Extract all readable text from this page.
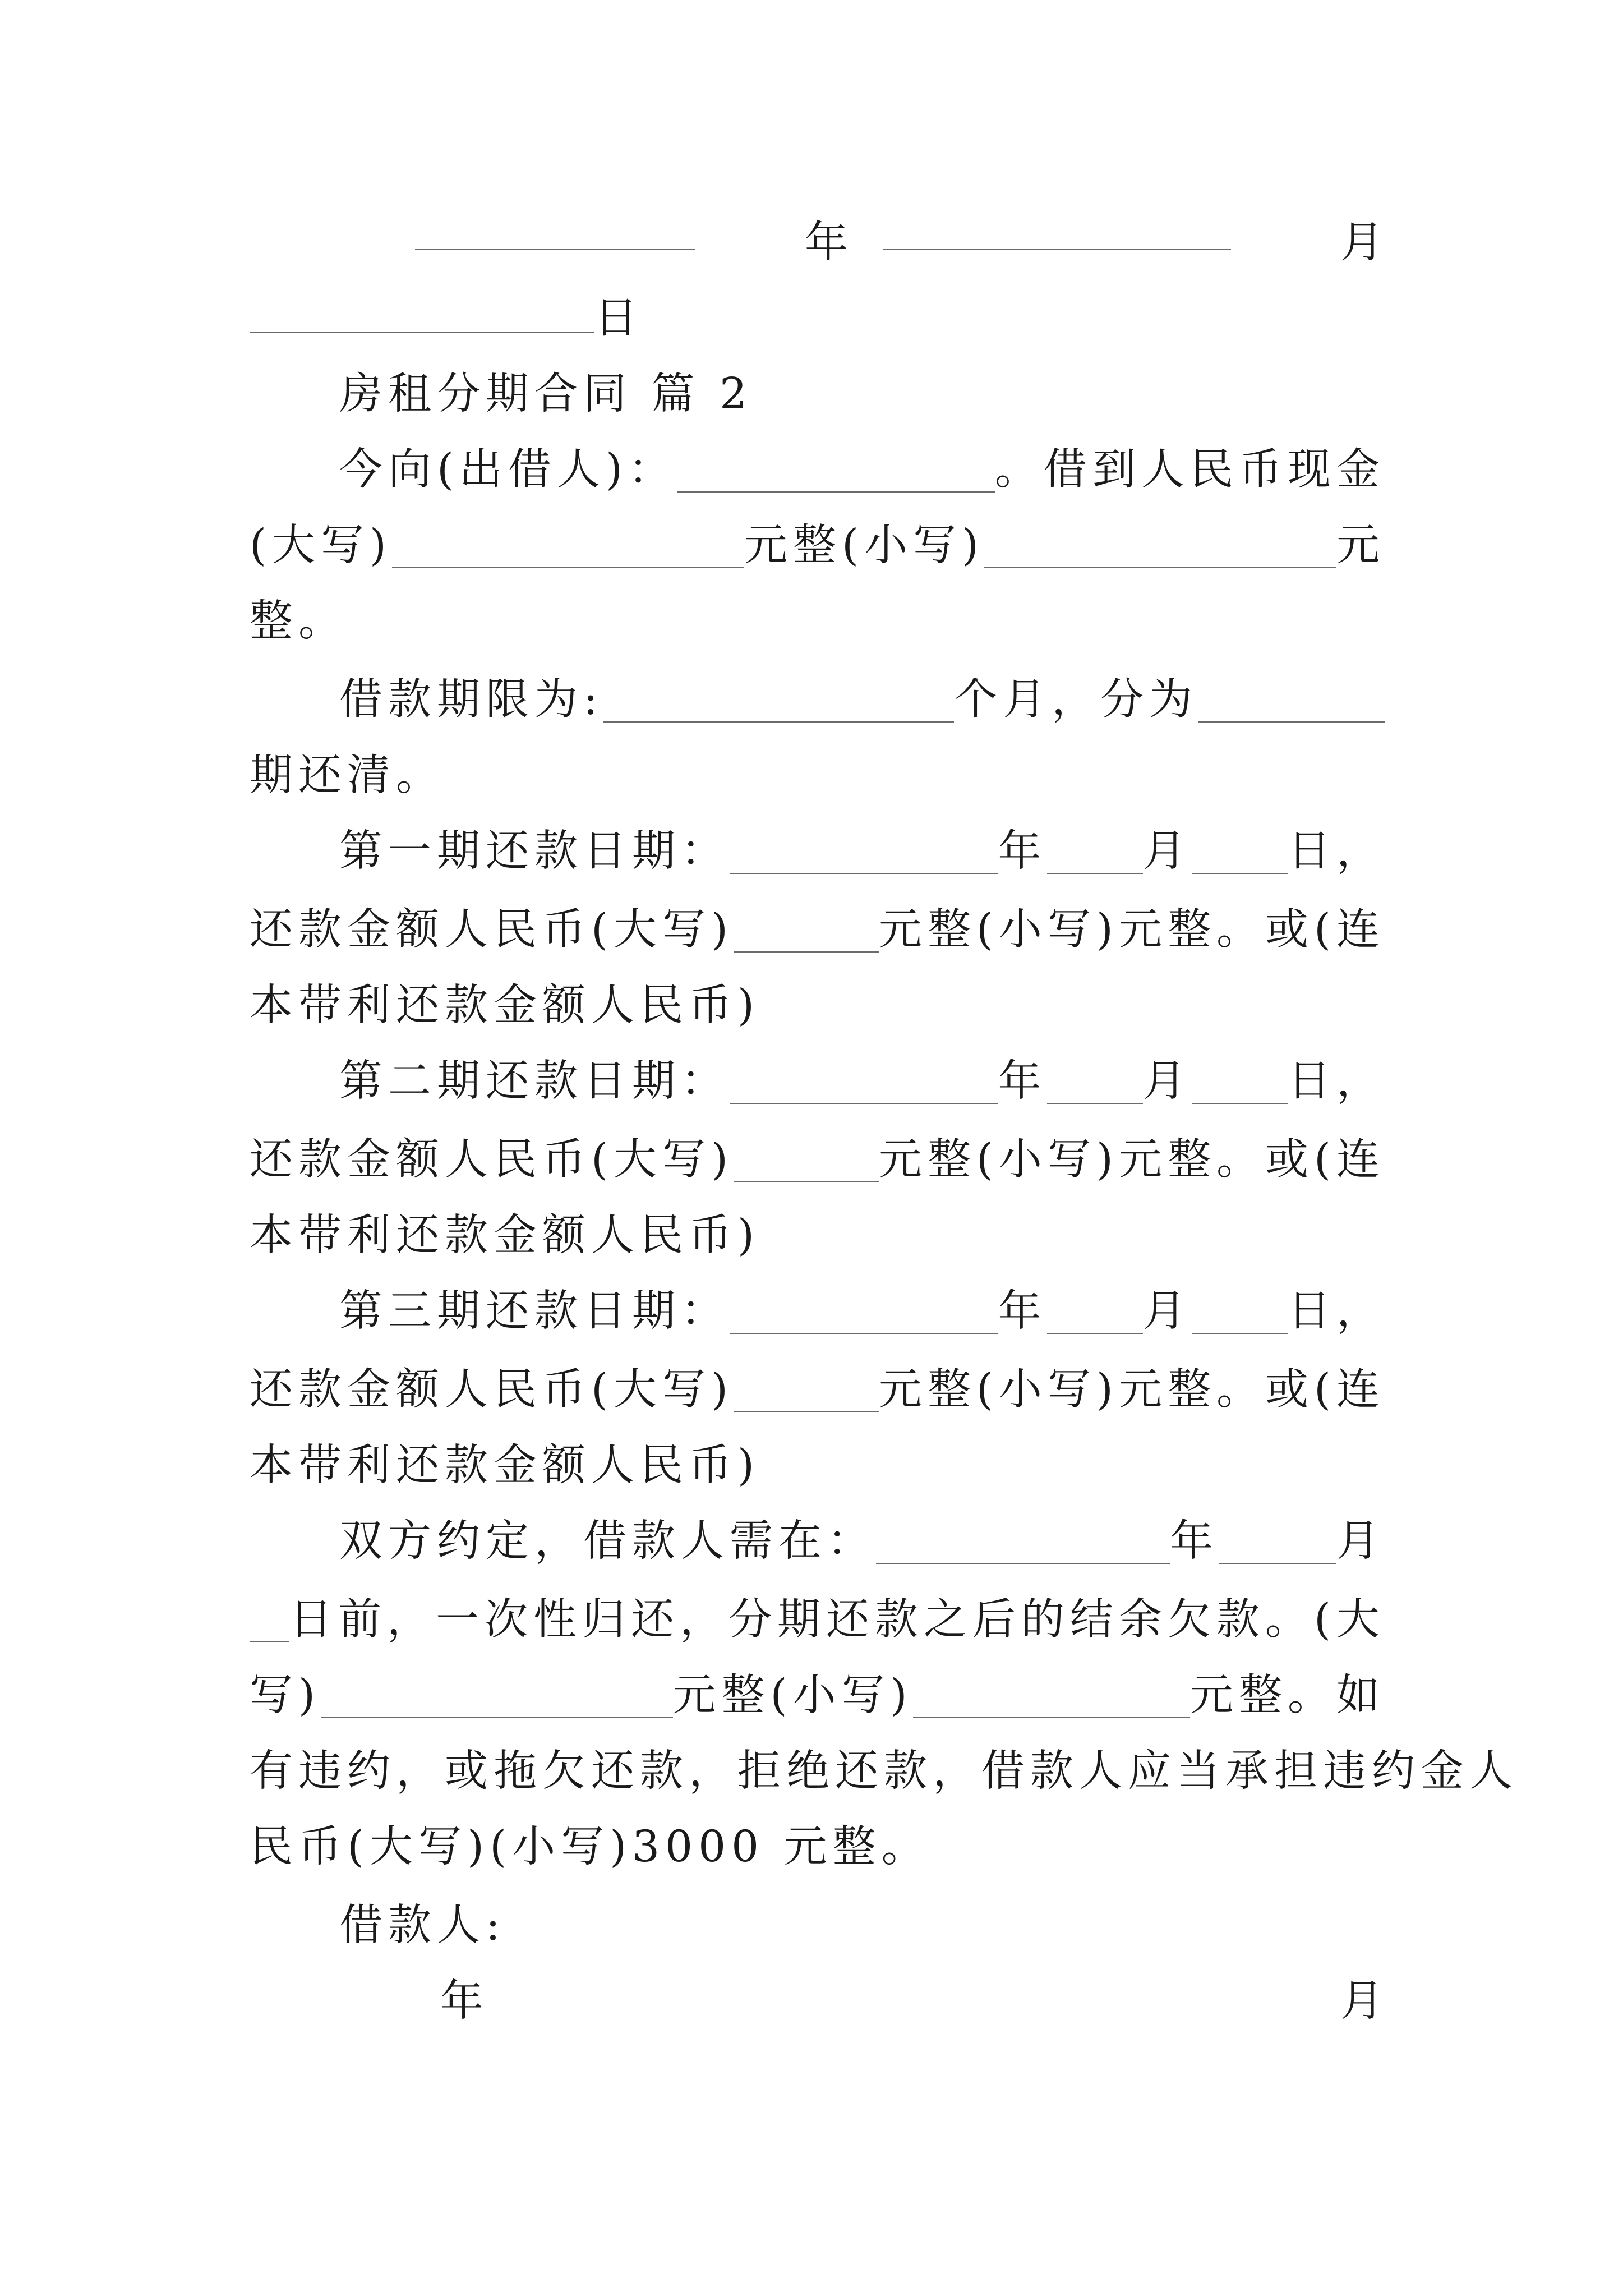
年	月
日
房租分期合同 篇 2
今向(出借人)：	。借到人民币现金
(大写)	元整(小写)	元
整。
借款期限为:	个月，分为
期还清。
第一期还款日期：	年 月 日，
还款金额人民币(大写)	元整(小写)元整。或(连
本带利还款金额人民币)
第二期还款日期：	年 月 日，
还款金额人民币(大写)	元整(小写)元整。或(连
本带利还款金额人民币)
第三期还款日期：	年 月 日，
还款金额人民币(大写)	元整(小写)元整。或(连
本带利还款金额人民币)
双方约定，借款人需在：	年	月
日前，一次性归还，分期还款之后的结余欠款。(大
写)	元整(小写)	元整。如
有违约，或拖欠还款，拒绝还款，借款人应当承担违约金人
民币(大写)(小写)3000 元整。
借款人:
年	月
